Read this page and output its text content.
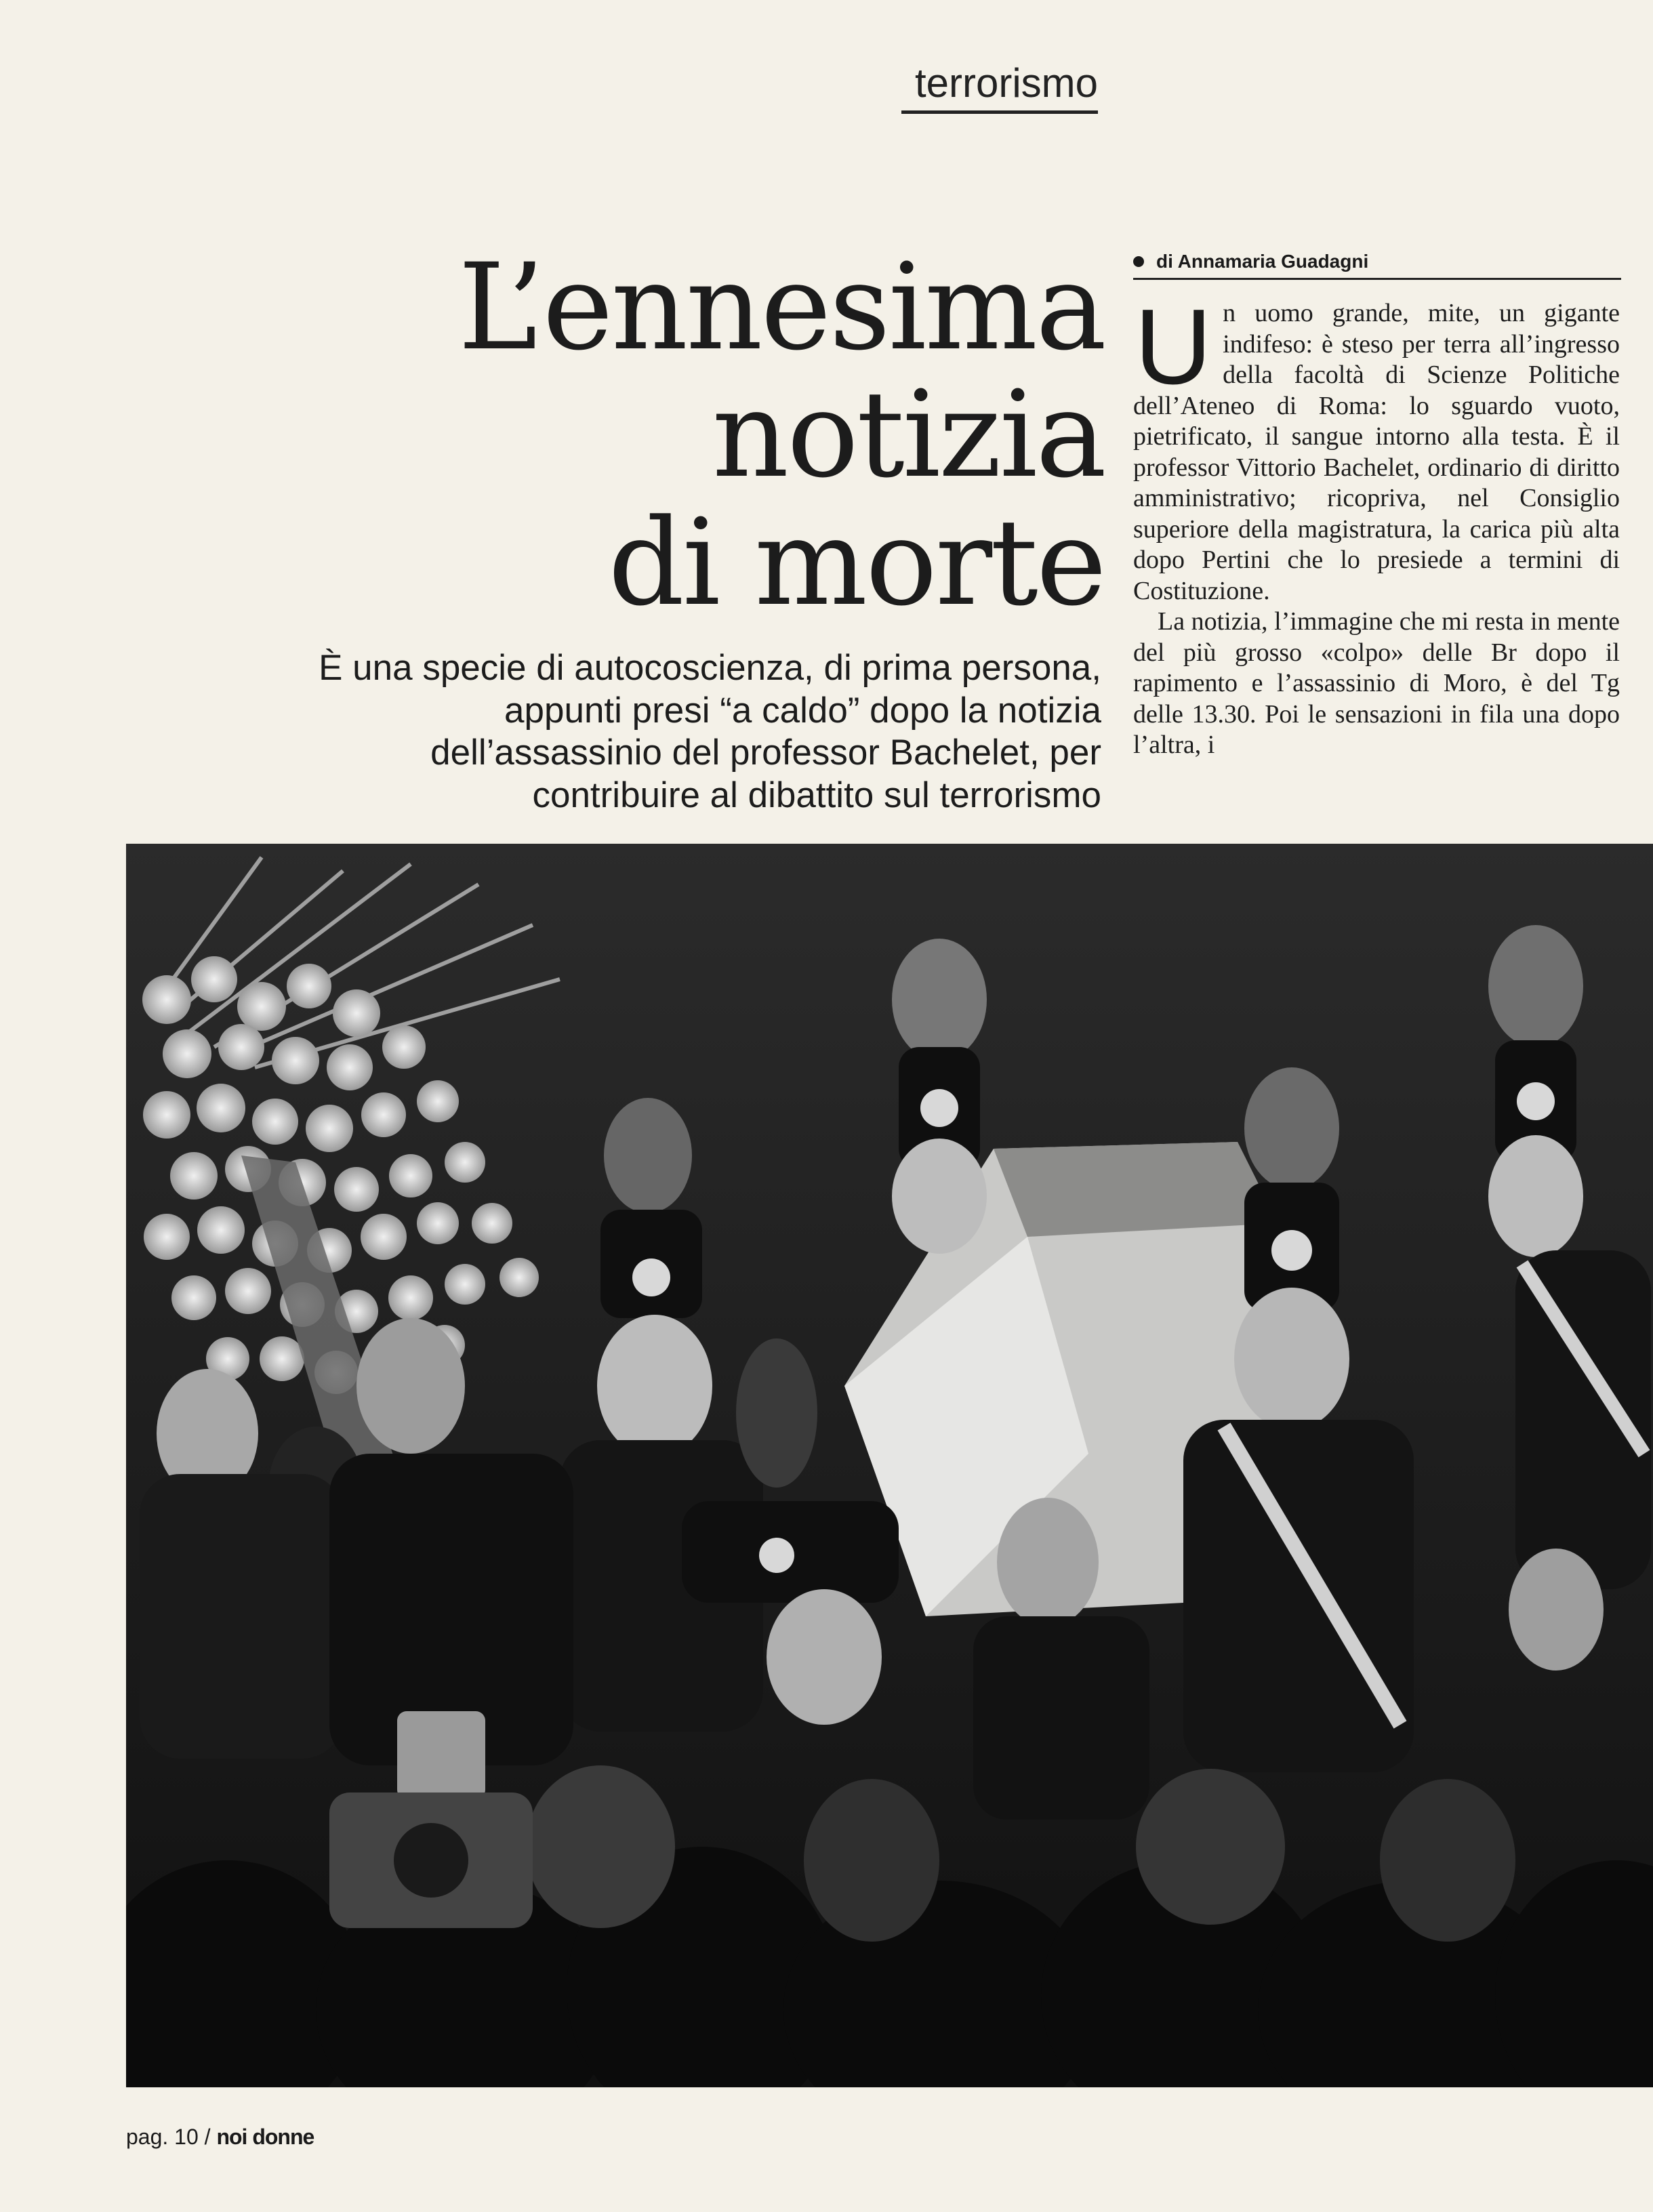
terrorismo
L’ennesima
notizia
di morte

È una specie di autocoscienza, di prima persona,
appunti presi “a caldo” dopo la notizia
dell’assassinio del professor Bachelet, per
contribuire al dibattito sul terrorismo

di Annamaria Guadagni

Un uomo grande, mite, un gigante indifeso: è steso per terra all’ingresso della facoltà di Scienze Politiche dell’Ateneo di Roma: lo sguardo vuoto, pietrificato, il sangue intorno alla testa. È il professor Vittorio Bachelet, ordinario di diritto amministrativo; ricopriva, nel Consiglio superiore della magistratura, la carica più alta dopo Pertini che lo presiede a termini di Costituzione.

La notizia, l’immagine che mi resta in mente del più grosso «colpo» delle Br dopo il rapimento e l’assassinio di Moro, è del Tg delle 13.30. Poi le sensazioni in fila una dopo l’altra, i

pag. 10 / noi donne
